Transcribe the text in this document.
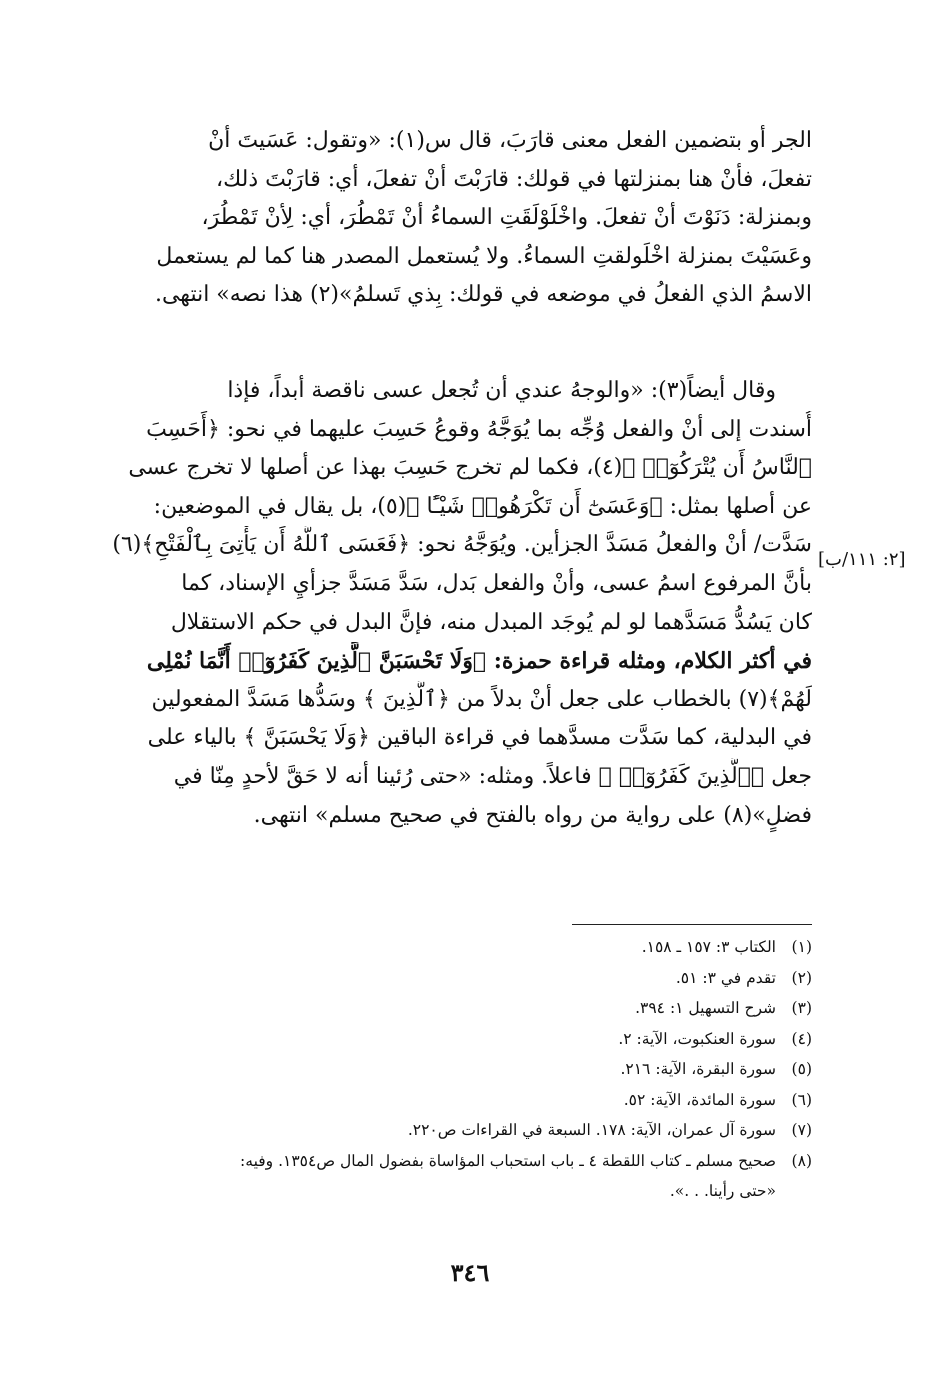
الجر أو بتضمين الفعل معنى قارَبَ، قال س(١): «وتقول: عَسَيتَ أنْ
تفعلَ، فأنْ هنا بمنزلتها في قولك: قارَبْتَ أنْ تفعلَ، أي: قارَبْتَ ذلك،
وبمنزلة: دَنَوْتَ أنْ تفعلَ. واخْلَوْلَقَتِ السماءُ أنْ تَمْطُرَ، أي: لِأنْ تَمْطُرَ،
وعَسَيْتَ بمنزلة اخْلَولقتِ السماءُ. ولا يُستعمل المصدر هنا كما لم يستعمل
الاسمُ الذي الفعلُ في موضعه في قولك: بِذي تَسلمُ»(٢) هذا نصه» انتهى.
وقال أيضاً(٣): «والوجهُ عندي أن تُجعل عسى ناقصة أبداً، فإذا
أُسندت إلى أنْ والفعل وُجِّه بما يُوَجَّهُ وقوعُ حَسِبَ عليهما في نحو: ﴿أَحَسِبَ
ٱلنَّاسُ أَن يُتْرَكُوٓا۟ ﴾(٤)، فكما لم تخرج حَسِبَ بهذا عن أصلها لا تخرج عسى
عن أصلها بمثل: ﴿وَعَسَىٰٓ أَن تَكْرَهُوا۟ شَيْـًٔا ﴾(٥)، بل يقال في الموضعين:
سَدَّت/ أنْ والفعلُ مَسَدَّ الجزأين. ويُوَجَّهُ نحو: ﴿فَعَسَى ٱللَّهُ أَن يَأْتِىَ بِٱلْفَتْحِ﴾(٦)
بأنَّ المرفوع اسمُ عسى، وأنْ والفعل بَدل، سَدَّ مَسَدَّ جزأيِ الإسناد، كما
كان يَسُدُّ مَسَدَّهما لو لم يُوجَد المبدل منه، فإنَّ البدل في حكم الاستقلال
في أكثر الكلام، ومثله قراءة حمزة: ﴿وَلَا تَحْسَبَنَّ ٱلَّذِينَ كَفَرُوٓا۟ أَنَّمَا نُمْلِى
لَهُمْ﴾(٧) بالخطاب على جعل أنْ بدلاً من ﴿ٱلَّذِينَ ﴾ وسَدُّها مَسَدَّ المفعولين
في البدلية، كما سَدَّت مسدَّهما في قراءة الباقين ﴿وَلَا يَحْسَبَنَّ ﴾ بالياء على
جعل ﴿ٱلَّذِينَ كَفَرُوٓا۟ ﴾ فاعلاً. ومثله: «حتى رُئينا أنه لا حَقَّ لأحدٍ مِنّا في
فضلٍ»(٨) على رواية من رواه بالفتح في صحيح مسلم» انتهى.
[٢: ١١١/ب]
(١)
الكتاب ٣: ١٥٧ ـ ١٥٨.
(٢)
تقدم في ٣: ٥١.
(٣)
شرح التسهيل ١: ٣٩٤.
(٤)
سورة العنكبوت، الآية: ٢.
(٥)
سورة البقرة، الآية: ٢١٦.
(٦)
سورة المائدة، الآية: ٥٢.
(٧)
سورة آل عمران، الآية: ١٧٨. السبعة في القراءات ص٢٢٠.
(٨)
صحيح مسلم ـ كتاب اللقطة ٤ ـ باب استحباب المؤاساة بفضول المال ص١٣٥٤. وفيه:
«حتى رأينا. . .».
٣٤٦
